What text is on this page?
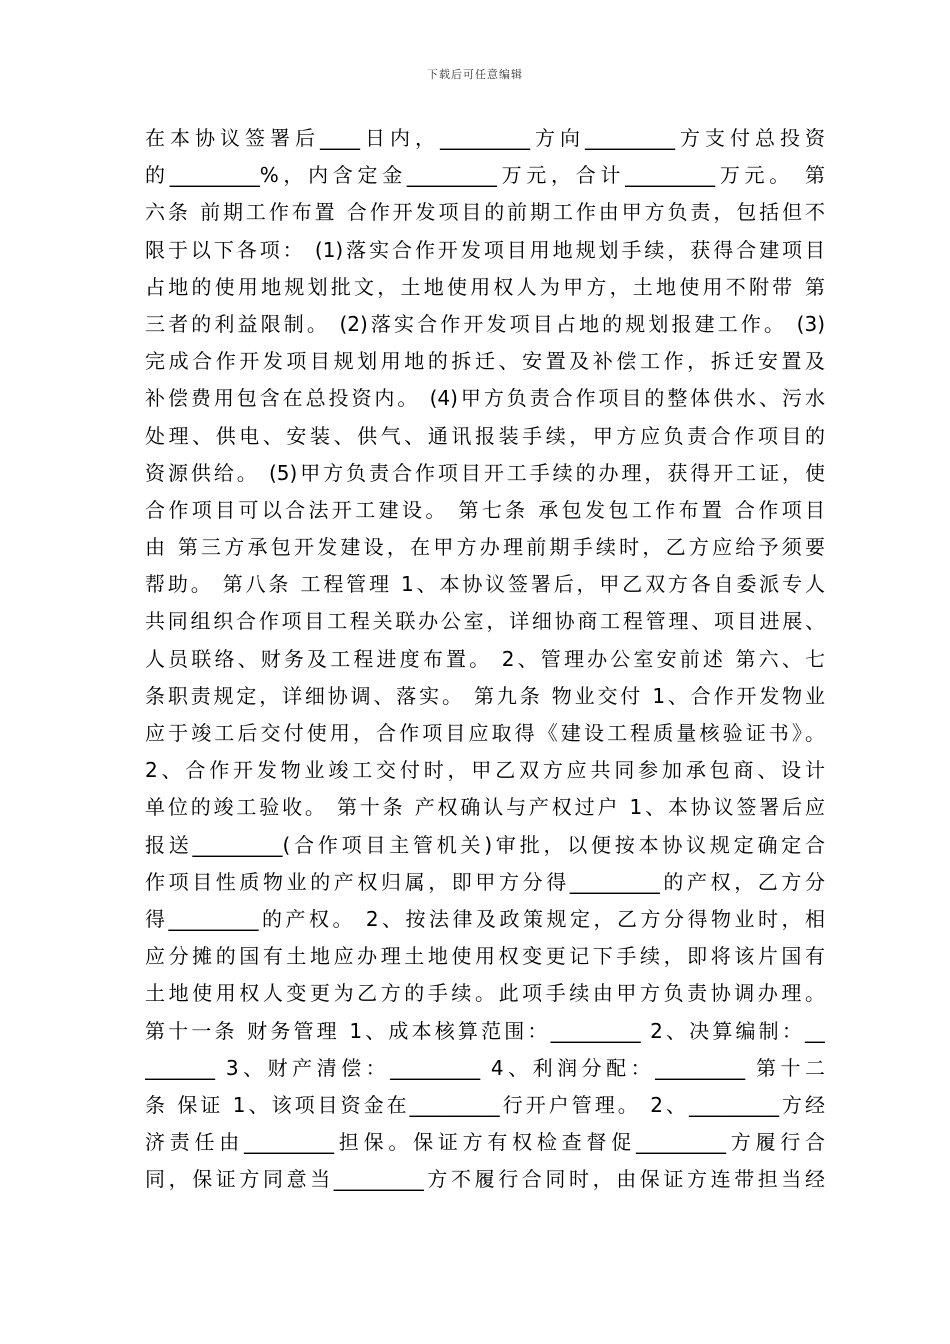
下载后可任意编辑
在本协议签署后____日内，_________方向_________方支付总投资
的_________%，内含定金_________万元，合计_________万元。 第
六条 前期工作布置 合作开发项目的前期工作由甲方负责，包括但不
限于以下各项： (1)落实合作开发项目用地规划手续，获得合建项目
占地的使用地规划批文，土地使用权人为甲方，土地使用不附带 第
三者的利益限制。 (2)落实合作开发项目占地的规划报建工作。 (3)
完成合作开发项目规划用地的拆迁、安置及补偿工作，拆迁安置及
补偿费用包含在总投资内。 (4)甲方负责合作项目的整体供水、污水
处理、供电、安装、供气、通讯报装手续，甲方应负责合作项目的
资源供给。 (5)甲方负责合作项目开工手续的办理，获得开工证，使
合作项目可以合法开工建设。 第七条 承包发包工作布置 合作项目
由 第三方承包开发建设，在甲方办理前期手续时，乙方应给予须要
帮助。 第八条 工程管理 1、本协议签署后，甲乙双方各自委派专人
共同组织合作项目工程关联办公室，详细协商工程管理、项目进展、
人员联络、财务及工程进度布置。 2、管理办公室安前述 第六、七
条职责规定，详细协调、落实。 第九条 物业交付 1、合作开发物业
应于竣工后交付使用，合作项目应取得《建设工程质量核验证书》。
2、合作开发物业竣工交付时，甲乙双方应共同参加承包商、设计
单位的竣工验收。 第十条 产权确认与产权过户 1、本协议签署后应
报送_________(合作项目主管机关)审批，以便按本协议规定确定合
作项目性质物业的产权归属，即甲方分得_________的产权，乙方分
得_________的产权。 2、按法律及政策规定，乙方分得物业时，相
应分摊的国有土地应办理土地使用权变更记下手续，即将该片国有
土地使用权人变更为乙方的手续。此项手续由甲方负责协调办理。
第十一条 财务管理 1、成本核算范围：_________ 2、决算编制：__
_______ 3、财产清偿：_________ 4、利润分配：_________ 第十二
条 保证 1、该项目资金在_________行开户管理。 2、_________方经
济责任由_________担保。保证方有权检查督促_________方履行合
同，保证方同意当_________方不履行合同时，由保证方连带担当经
